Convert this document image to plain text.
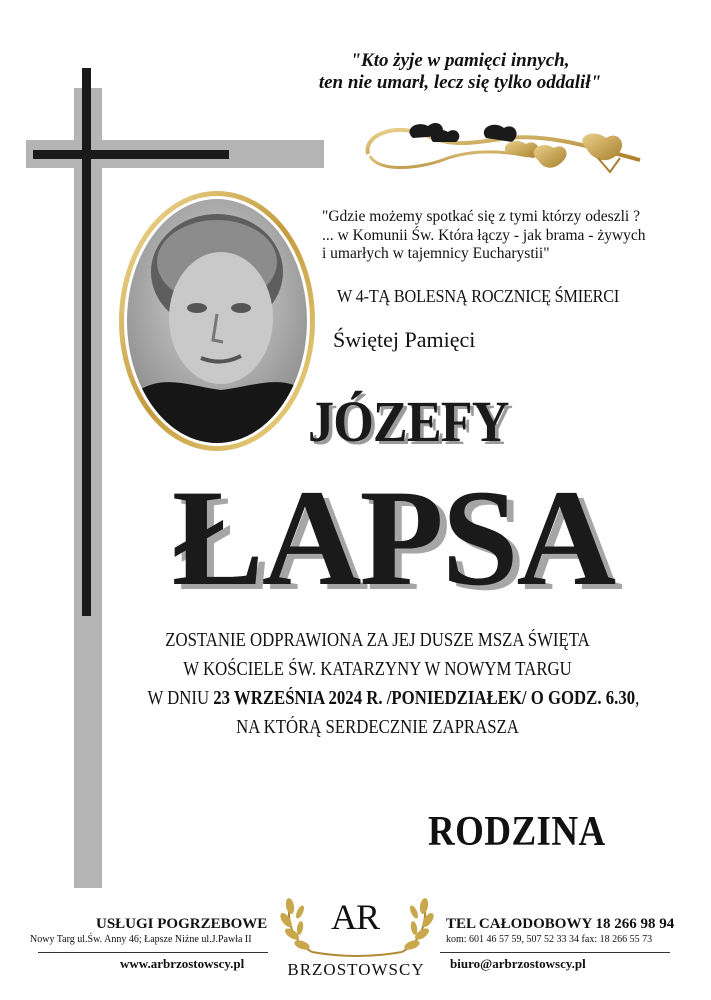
"Kto żyje w pamięci innych,
ten nie umarł, lecz się tylko oddalił"
"Gdzie możemy spotkać się z tymi którzy odeszli ?
... w Komunii Św. Która łączy - jak brama - żywych
i umarłych w tajemnicy Eucharystii"
W 4-TĄ BOLESNĄ ROCZNICĘ ŚMIERCI
Świętej Pamięci
JÓZEFY
ŁAPSA
ZOSTANIE ODPRAWIONA ZA JEJ DUSZE MSZA ŚWIĘTA
W KOŚCIELE ŚW. KATARZYNY W NOWYM TARGU
W DNIU 23 WRZEŚNIA 2024 R. /PONIEDZIAŁEK/ O GODZ. 6.30,
NA KTÓRĄ SERDECZNIE ZAPRASZA
RODZINA
USŁUGI POGRZEBOWE
Nowy Targ ul.Św. Anny 46; Łapsze Niżne ul.J.Pawła II
www.arbrzostowscy.pl
AR
BRZOSTOWSCY
TEL CAŁODOBOWY 18 266 98 94
kom: 601 46 57 59, 507 52 33 34 fax: 18 266 55 73
biuro@arbrzostowscy.pl
